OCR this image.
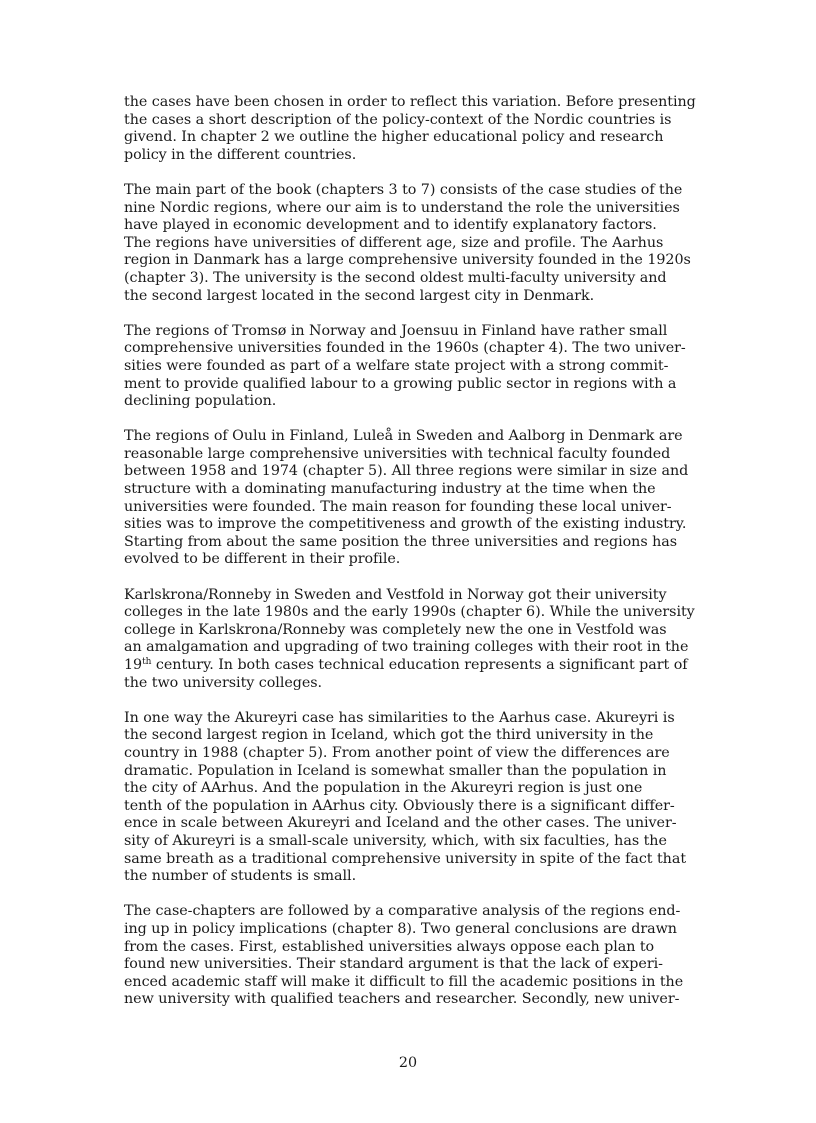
the cases have been chosen in order to reflect this variation. Before presenting
the cases a short description of the policy-context of the Nordic countries is
givend. In chapter 2 we outline the higher educational policy and research
policy in the different countries.

The main part of the book (chapters 3 to 7) consists of the case studies of the
nine Nordic regions, where our aim is to understand the role the universities
have played in economic development and to identify explanatory factors.
The regions have universities of different age, size and profile. The Aarhus
region in Danmark has a large comprehensive university founded in the 1920s
(chapter 3). The university is the second oldest multi-faculty university and
the second largest located in the second largest city in Denmark.

The regions of Tromsø in Norway and Joensuu in Finland have rather small
comprehensive universities founded in the 1960s (chapter 4). The two univer-
sities were founded as part of a welfare state project with a strong commit-
ment to provide qualified labour to a growing public sector in regions with a
declining population.

The regions of Oulu in Finland, Luleå in Sweden and Aalborg in Denmark are
reasonable large comprehensive universities with technical faculty founded
between 1958 and 1974 (chapter 5). All three regions were similar in size and
structure with a dominating manufacturing industry at the time when the
universities were founded. The main reason for founding these local univer-
sities was to improve the competitiveness and growth of the existing industry.
Starting from about the same position the three universities and regions has
evolved to be different in their profile.

Karlskrona/Ronneby in Sweden and Vestfold in Norway got their university
colleges in the late 1980s and the early 1990s (chapter 6). While the university
college in Karlskrona/Ronneby was completely new the one in Vestfold was
an amalgamation and upgrading of two training colleges with their root in the
19th century. In both cases technical education represents a significant part of
the two university colleges.

In one way the Akureyri case has similarities to the Aarhus case. Akureyri is
the second largest region in Iceland, which got the third university in the
country in 1988 (chapter 5). From another point of view the differences are
dramatic. Population in Iceland is somewhat smaller than the population in
the city of AArhus. And the population in the Akureyri region is just one
tenth of the population in AArhus city. Obviously there is a significant differ-
ence in scale between Akureyri and Iceland and the other cases. The univer-
sity of Akureyri is a small-scale university, which, with six faculties, has the
same breath as a traditional comprehensive university in spite of the fact that
the number of students is small.

The case-chapters are followed by a comparative analysis of the regions end-
ing up in policy implications (chapter 8). Two general conclusions are drawn
from the cases. First, established universities always oppose each plan to
found new universities. Their standard argument is that the lack of experi-
enced academic staff will make it difficult to fill the academic positions in the
new university with qualified teachers and researcher. Secondly, new univer-

20
